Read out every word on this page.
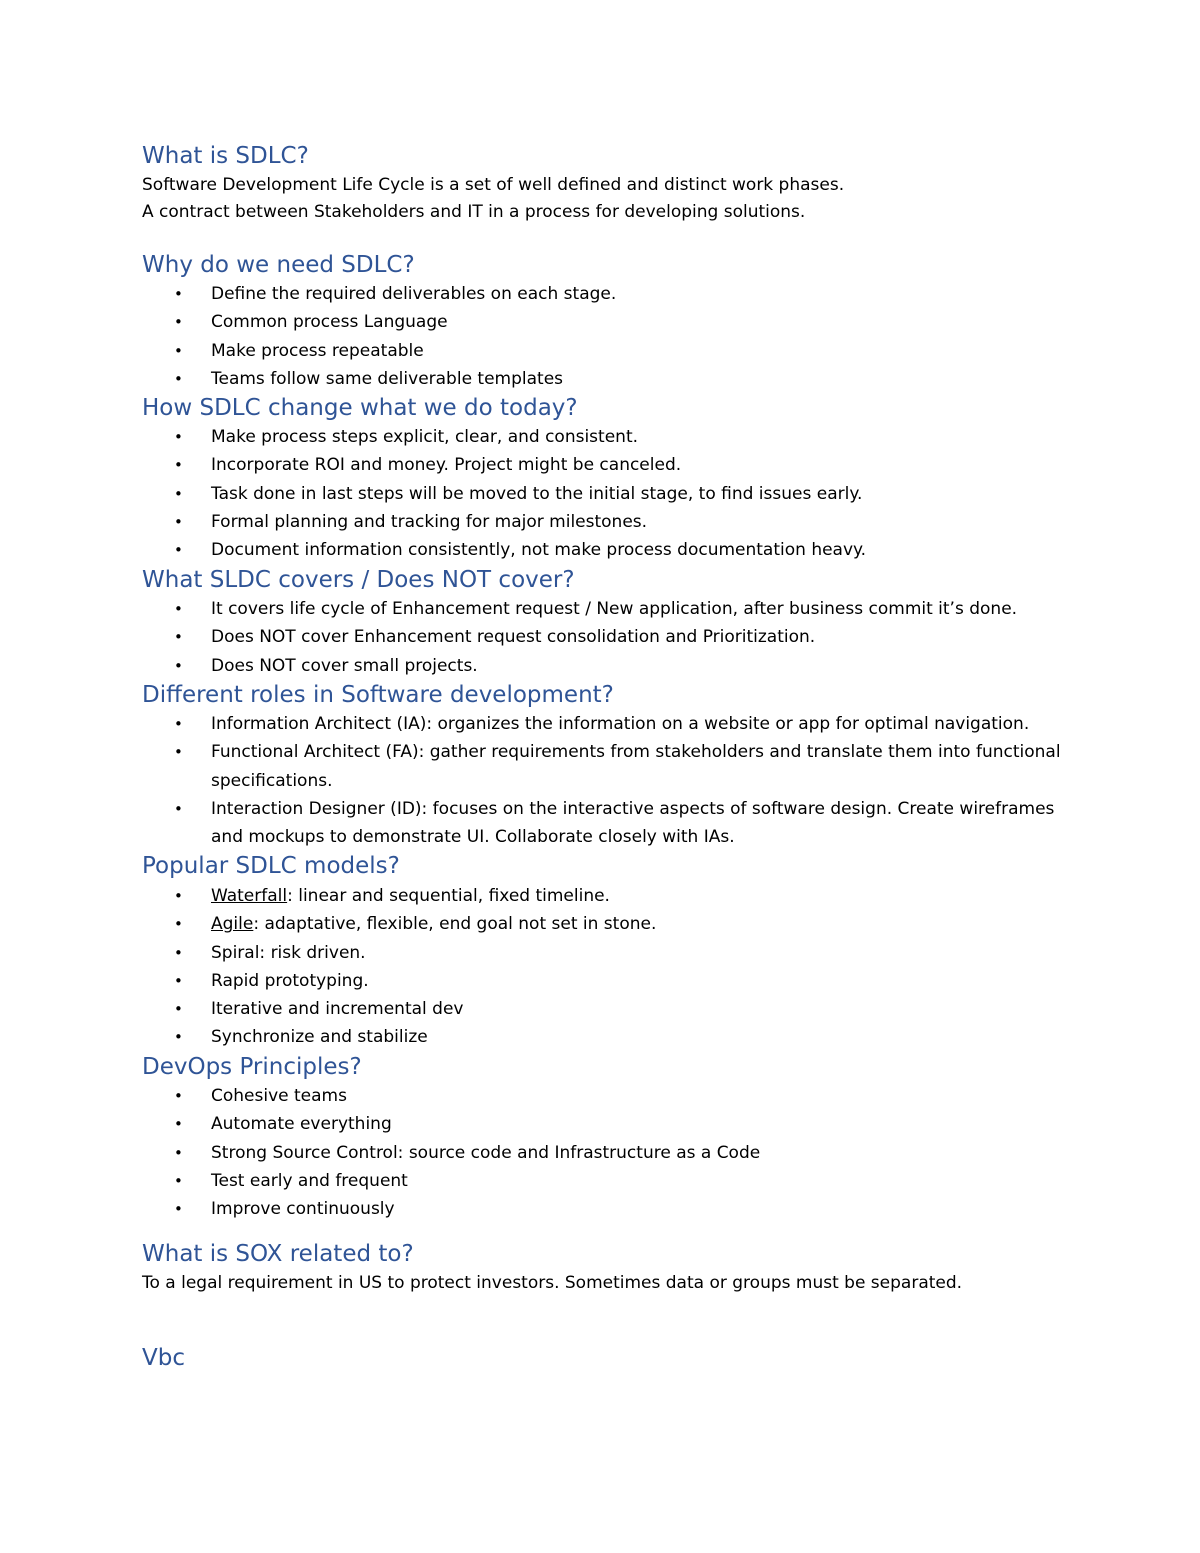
What is SDLC?
Software Development Life Cycle is a set of well defined and distinct work phases.
A contract between Stakeholders and IT in a process for developing solutions.
Why do we need SDLC?
• Define the required deliverables on each stage.
• Common process Language
• Make process repeatable
• Teams follow same deliverable templates
How SDLC change what we do today?
• Make process steps explicit, clear, and consistent.
• Incorporate ROI and money. Project might be canceled.
• Task done in last steps will be moved to the initial stage, to find issues early.
• Formal planning and tracking for major milestones.
• Document information consistently, not make process documentation heavy.
What SLDC covers / Does NOT cover?
• It covers life cycle of Enhancement request / New application, after business commit it’s done.
• Does NOT cover Enhancement request consolidation and Prioritization.
• Does NOT cover small projects.
Different roles in Software development?
• Information Architect (IA): organizes the information on a website or app for optimal navigation.
• Functional Architect (FA): gather requirements from stakeholders and translate them into functional specifications.
• Interaction Designer (ID): focuses on the interactive aspects of software design. Create wireframes and mockups to demonstrate UI. Collaborate closely with IAs.
Popular SDLC models?
• Waterfall: linear and sequential, fixed timeline.
• Agile: adaptative, flexible, end goal not set in stone.
• Spiral: risk driven.
• Rapid prototyping.
• Iterative and incremental dev
• Synchronize and stabilize
DevOps Principles?
• Cohesive teams
• Automate everything
• Strong Source Control: source code and Infrastructure as a Code
• Test early and frequent
• Improve continuously
What is SOX related to?
To a legal requirement in US to protect investors. Sometimes data or groups must be separated.
Vbc
